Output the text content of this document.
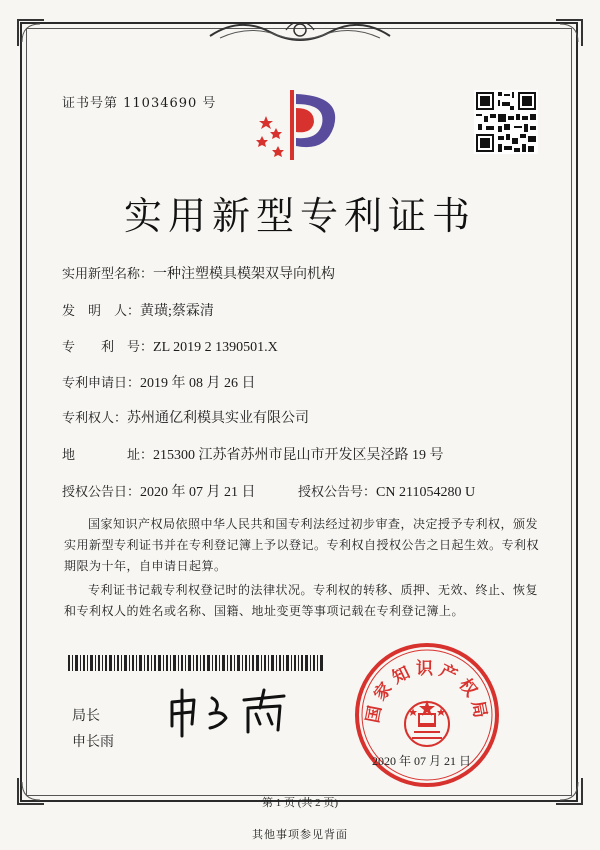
证书号第 11034690 号
实用新型专利证书
实用新型名称：一种注塑模具模架双导向机构
发　明　人：黄璜;蔡霖清
专　　利　号：ZL 2019 2 1390501.X
专利申请日：2019 年 08 月 26 日
专利权人：苏州通亿利模具实业有限公司
地　　　　址：215300 江苏省苏州市昆山市开发区吴泾路 19 号
授权公告日：2020 年 07 月 21 日	授权公告号：CN 211054280 U
国家知识产权局依照中华人民共和国专利法经过初步审查，决定授予专利权，颁发实用新型专利证书并在专利登记簿上予以登记。专利权自授权公告之日起生效。专利权期限为十年，自申请日起算。
专利证书记载专利权登记时的法律状况。专利权的转移、质押、无效、终止、恢复和专利权人的姓名或名称、国籍、地址变更等事项记载在专利登记簿上。
局长
申长雨
国家知识产权局
2020 年 07 月 21 日
第 1 页 (共 2 页)
其他事项参见背面
